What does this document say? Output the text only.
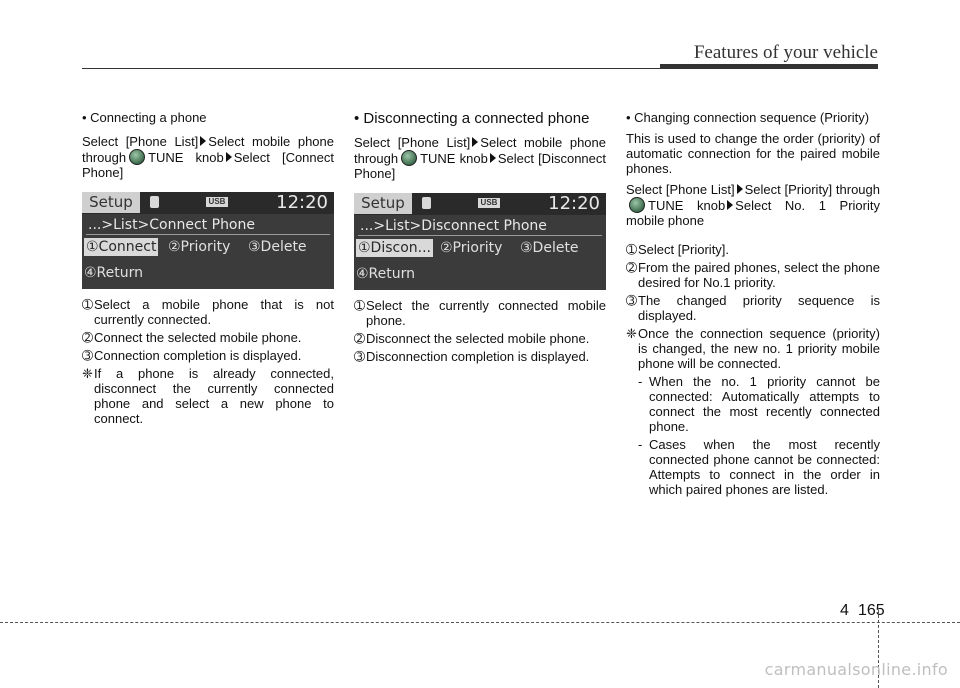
Features of your vehicle
• Connecting a phone
Select [Phone List] Select mobile phone through TUNE knob Select [Connect Phone]
Setup	USB	12:20
...>List>Connect Phone
①Connect ②Priority ③Delete
④Return
➀ Select a mobile phone that is not currently connected.
➁ Connect the selected mobile phone.
➂ Connection completion is displayed.
❈ If a phone is already connected, disconnect the currently connected phone and select a new phone to connect.
• Disconnecting a connected phone
Select [Phone List] Select mobile phone through TUNE knob Select [Disconnect Phone]
Setup	USB	12:20
...>List>Disconnect Phone
①Discon... ②Priority ③Delete
④Return
➀ Select the currently connected mobile phone.
➁ Disconnect the selected mobile phone.
➂ Disconnection completion is displayed.
• Changing connection sequence (Priority)
This is used to change the order (priority) of automatic connection for the paired mobile phones.
Select [Phone List] Select [Priority] throughTUNE knob Select No. 1 Priority mobile phone
➀ Select [Priority].
➁ From the paired phones, select the phone desired for No.1 priority.
➂ The changed priority sequence is displayed.
❈ Once the connection sequence (priority) is changed, the new no. 1 priority mobile phone will be connected.
- When the no. 1 priority cannot be connected: Automatically attempts to connect the most recently connected phone.
- Cases when the most recently connected phone cannot be connected: Attempts to connect in the order in which paired phones are listed.
4 165
carmanualsonline.info
